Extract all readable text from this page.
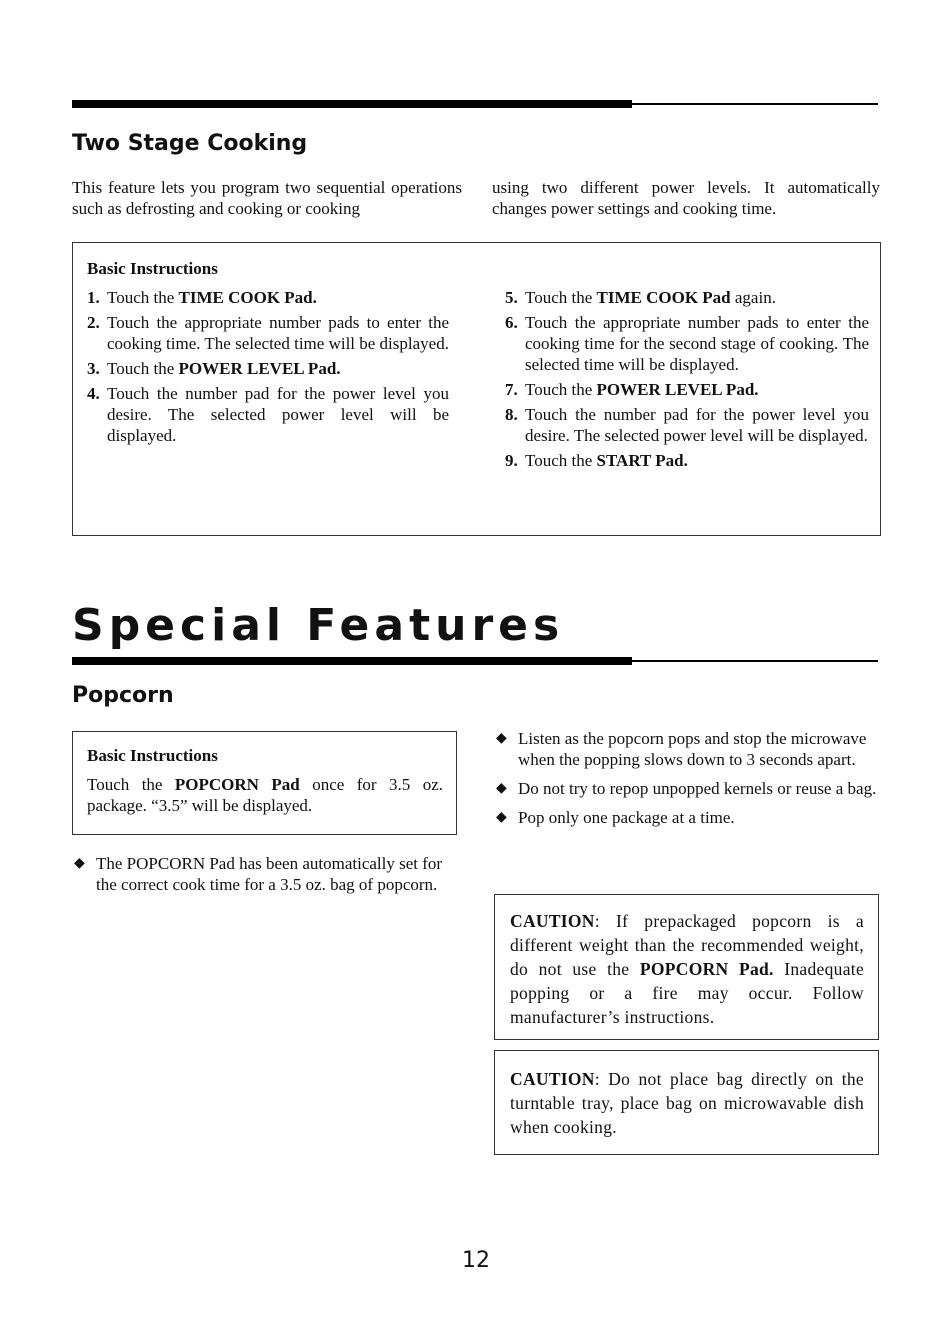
Two Stage Cooking

This feature lets you program two sequential operations such as defrosting and cooking or cooking

using two different power levels. It automatically changes power settings and cooking time.

Basic Instructions
1. Touch the TIME COOK Pad.
2. Touch the appropriate number pads to enter the cooking time. The selected time will be displayed.
3. Touch the POWER LEVEL Pad.
4. Touch the number pad for the power level you desire. The selected power level will be displayed.
5. Touch the TIME COOK Pad again.
6. Touch the appropriate number pads to enter the cooking time for the second stage of cooking. The selected time will be displayed.
7. Touch the POWER LEVEL Pad.
8. Touch the number pad for the power level you desire. The selected power level will be displayed.
9. Touch the START Pad.
Special Features
Popcorn
Basic Instructions
Touch the POPCORN Pad once for 3.5 oz. package. “3.5” will be displayed.
◆ The POPCORN Pad has been automatically set for the correct cook time for a 3.5 oz. bag of popcorn.
◆ Listen as the popcorn pops and stop the microwave when the popping slows down to 3 seconds apart.
◆ Do not try to repop unpopped kernels or reuse a bag.
◆ Pop only one package at a time.
CAUTION: If prepackaged popcorn is a different weight than the recommended weight, do not use the POPCORN Pad. Inadequate popping or a fire may occur. Follow manufacturer’s instructions.
CAUTION: Do not place bag directly on the turntable tray, place bag on microwavable dish when cooking.
12
